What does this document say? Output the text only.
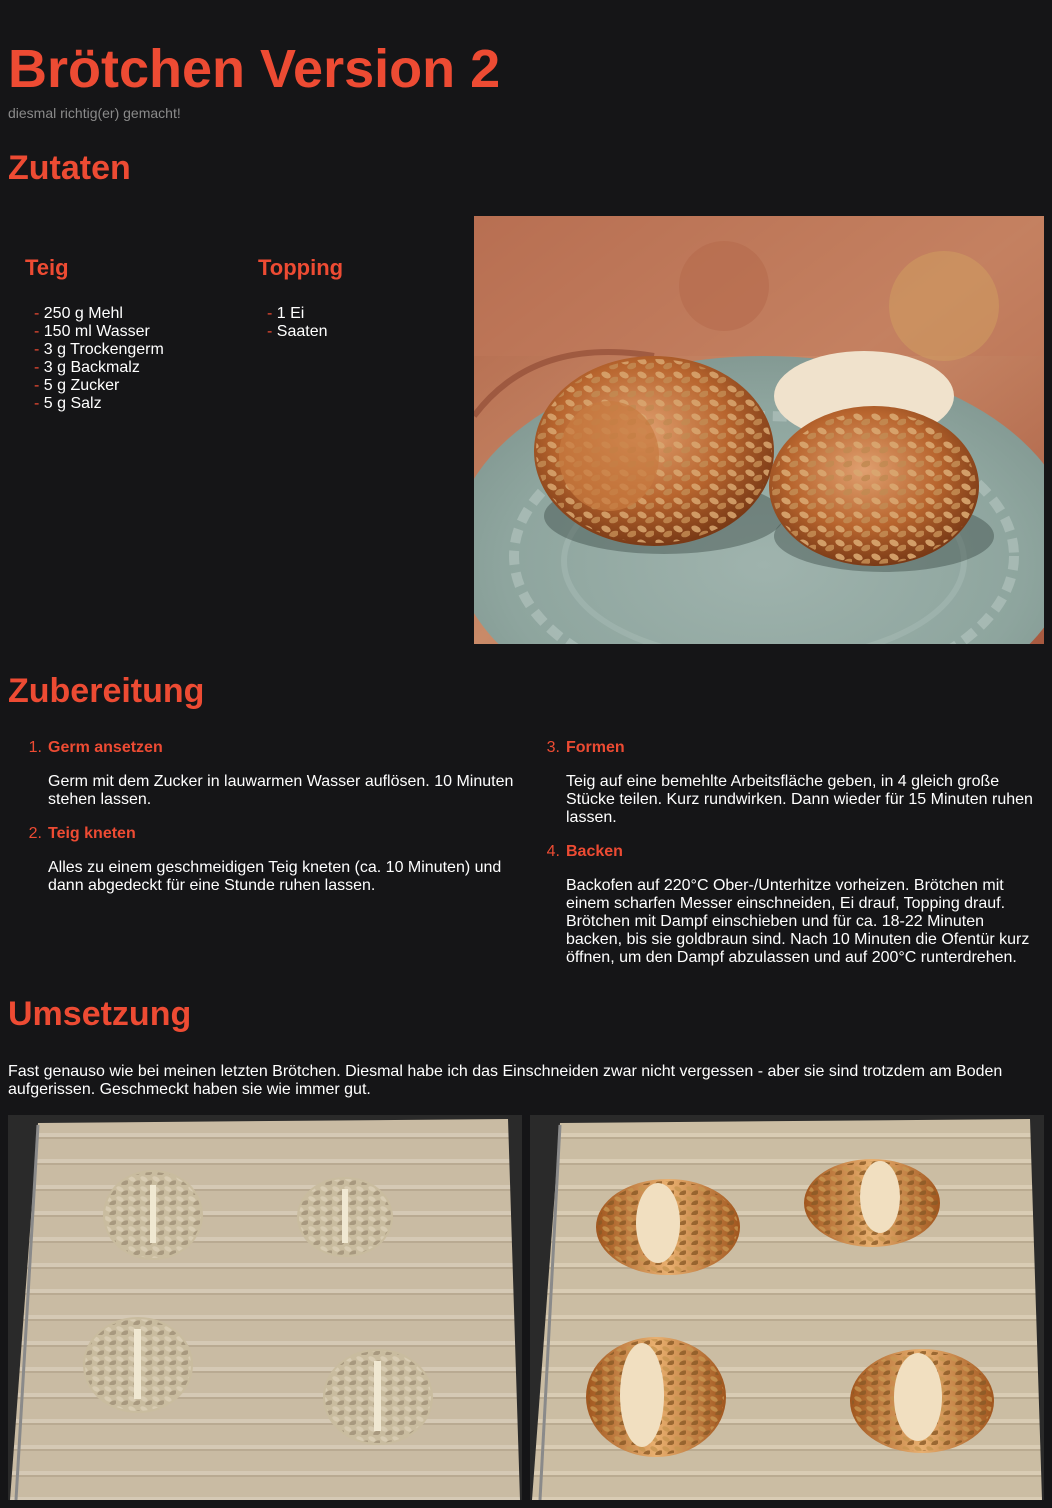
Brötchen Version 2
diesmal richtig(er) gemacht!
Zutaten
Teig
- 250 g Mehl
- 150 ml Wasser
- 3 g Trockengerm
- 3 g Backmalz
- 5 g Zucker
- 5 g Salz
Topping
- 1 Ei
- Saaten
Zubereitung
1. Germ ansetzen
Germ mit dem Zucker in lauwarmen Wasser auflösen. 10 Minuten stehen lassen.
2. Teig kneten
Alles zu einem geschmeidigen Teig kneten (ca. 10 Minuten) und dann abgedeckt für eine Stunde ruhen lassen.
3. Formen
Teig auf eine bemehlte Arbeitsfläche geben, in 4 gleich große Stücke teilen. Kurz rundwirken. Dann wieder für 15 Minuten ruhen lassen.
4. Backen
Backofen auf 220°C Ober-/Unterhitze vorheizen. Brötchen mit einem scharfen Messer einschneiden, Ei drauf, Topping drauf. Brötchen mit Dampf einschieben und für ca. 18-22 Minuten backen, bis sie goldbraun sind. Nach 10 Minuten die Ofentür kurz öffnen, um den Dampf abzulassen und auf 200°C runterdrehen.
Umsetzung
Fast genauso wie bei meinen letzten Brötchen. Diesmal habe ich das Einschneiden zwar nicht vergessen - aber sie sind trotzdem am Boden aufgerissen. Geschmeckt haben sie wie immer gut.
